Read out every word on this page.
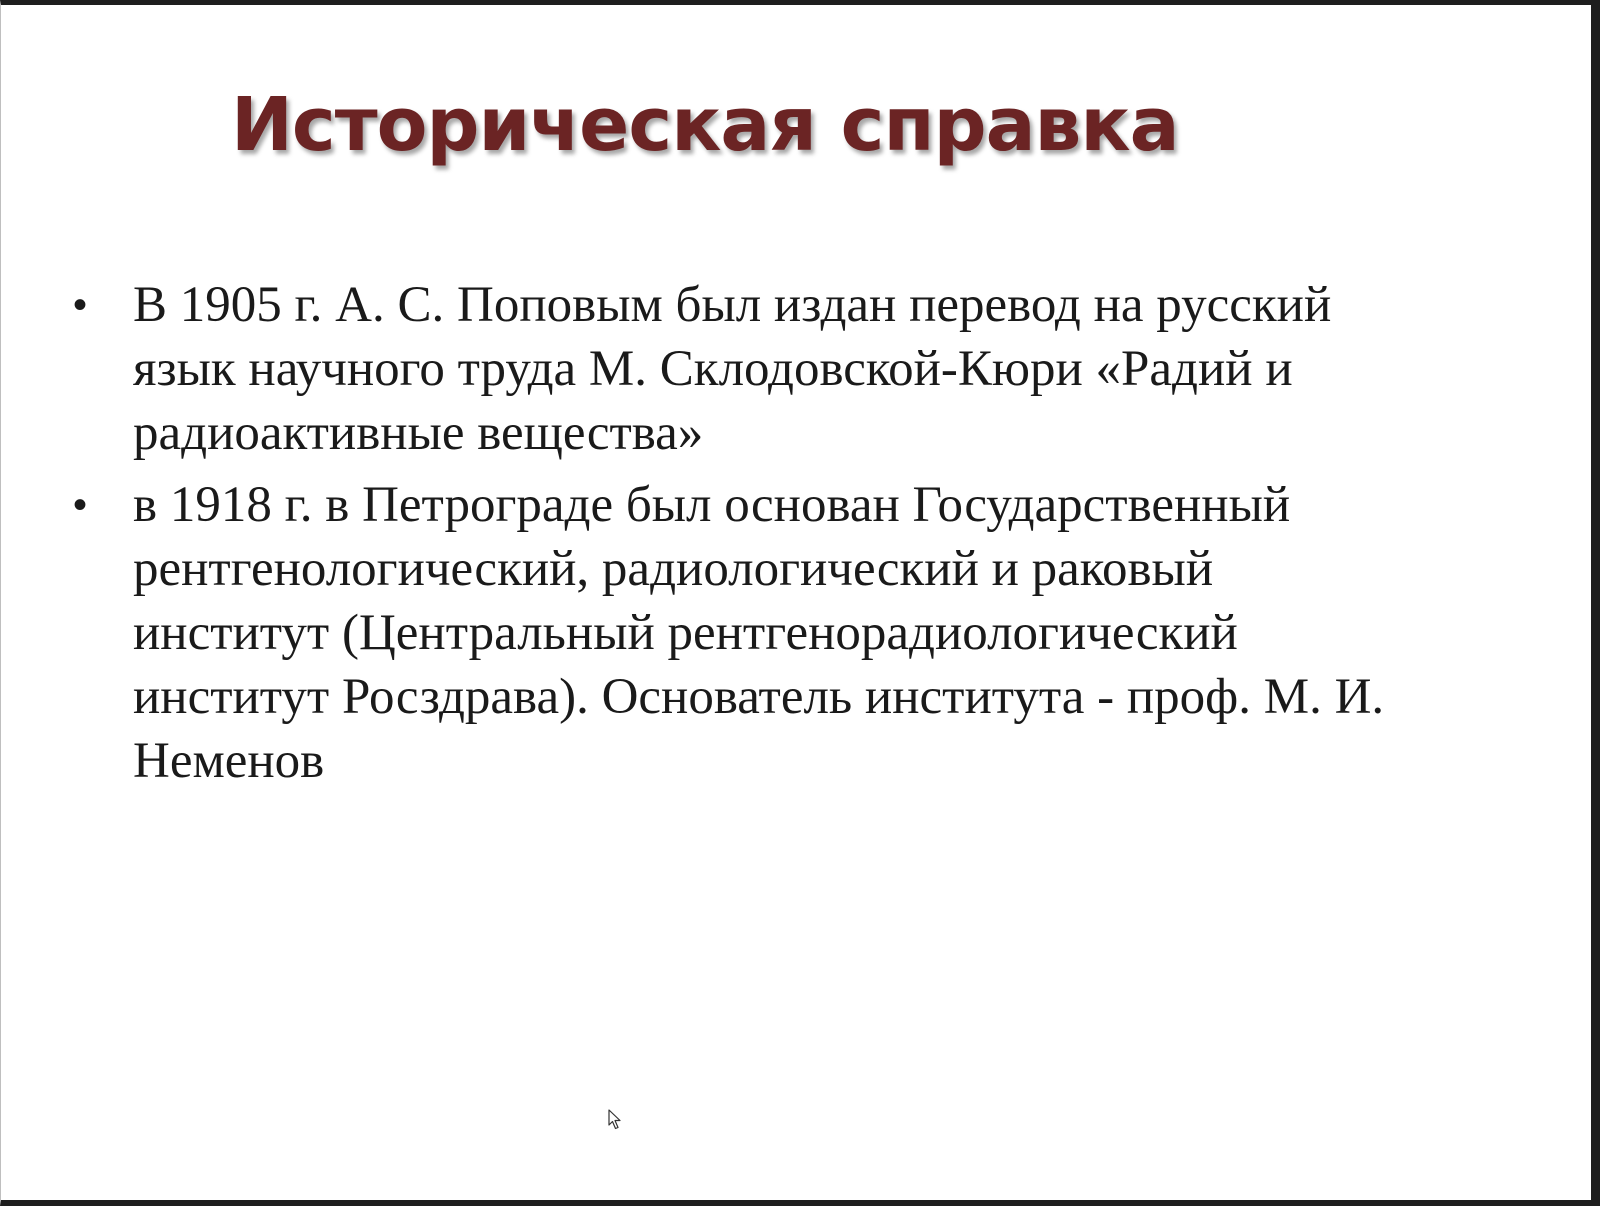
Историческая справка
• В 1905 г. А. С. Поповым был издан перевод на русский язык научного труда М. Склодовской-Кюри «Радий и радиоактивные вещества»
• в 1918 г. в Петрограде был основан Государственный рентгенологический, радиологический и раковый институт (Центральный рентгенорадиологический институт Росздрава). Основатель института - проф. М. И. Неменов
